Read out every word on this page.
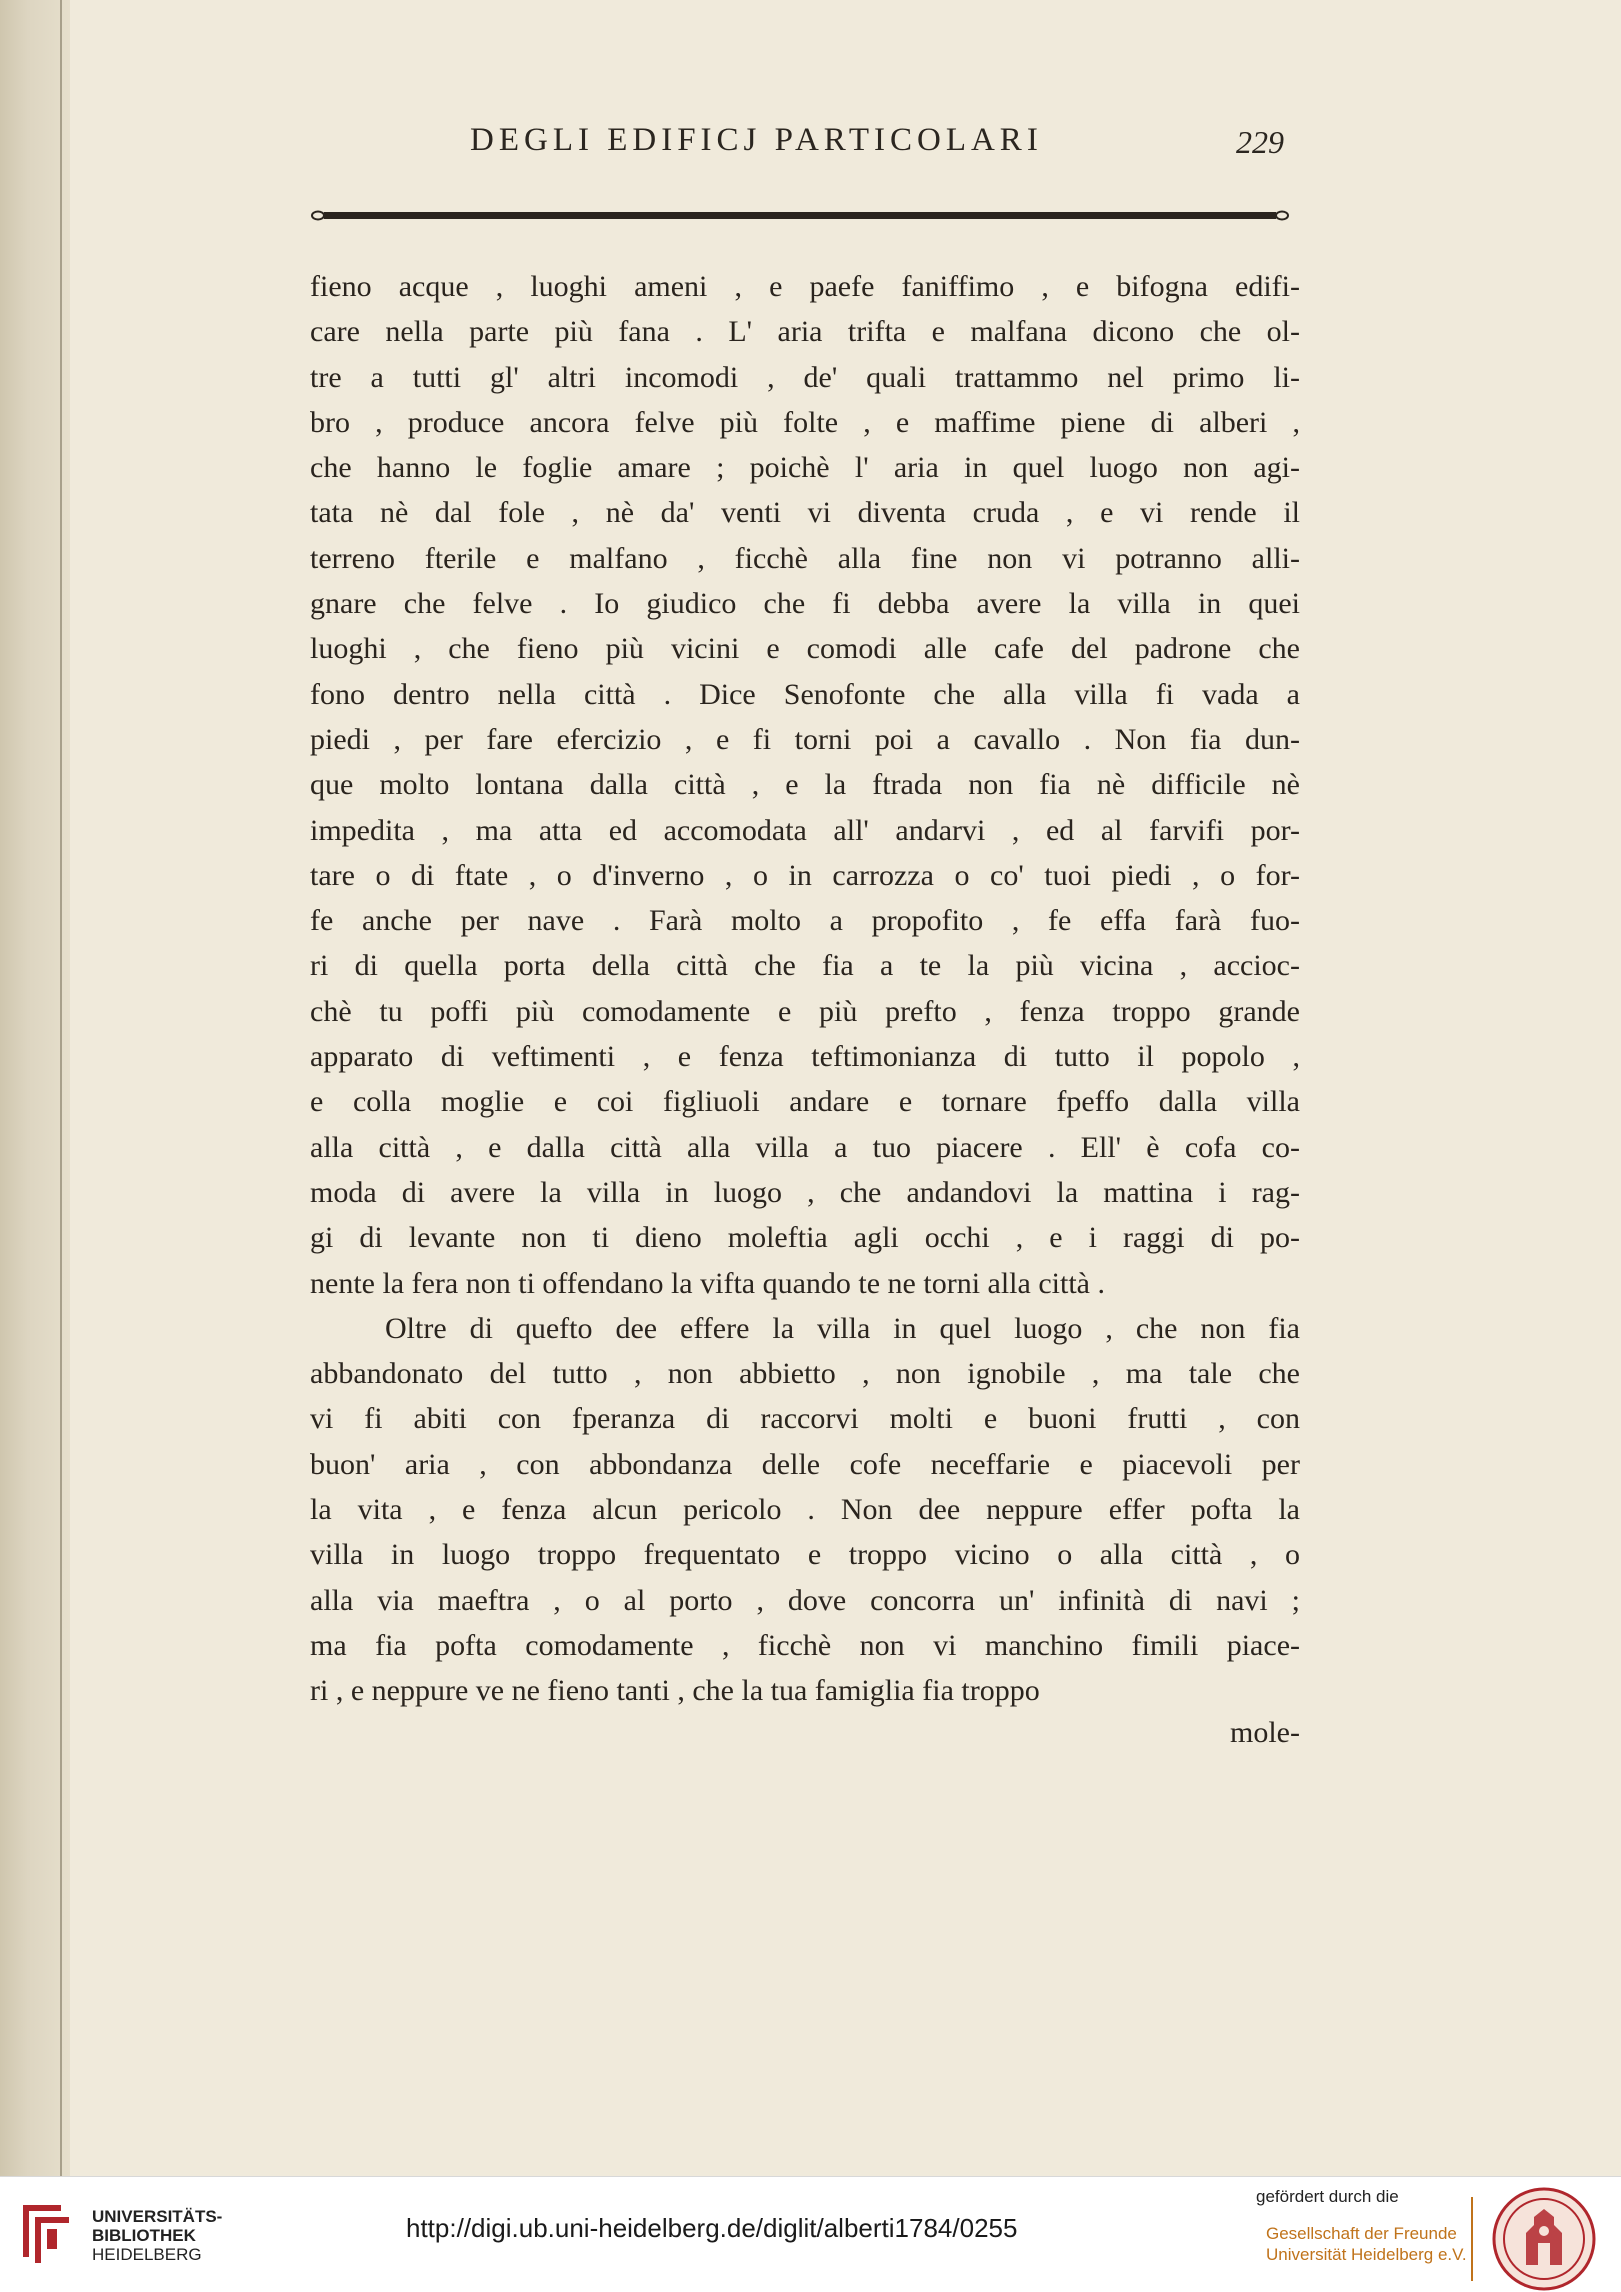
DEGLI EDIFICJ PARTICOLARI	229
fieno acque , luoghi ameni , e paefe faniffimo , e bifogna edifi-
care nella parte più fana . L' aria trifta e malfana dicono che ol-
tre a tutti gl' altri incomodi , de' quali trattammo nel primo li-
bro , produce ancora felve più folte , e maffime piene di alberi ,
che hanno le foglie amare ; poichè l' aria in quel luogo non agi-
tata nè dal fole , nè da' venti vi diventa cruda , e vi rende il
terreno fterile e malfano , ficchè alla fine non vi potranno alli-
gnare che felve . Io giudico che fi debba avere la villa in quei
luoghi , che fieno più vicini e comodi alle cafe del padrone che
fono dentro nella città . Dice Senofonte che alla villa fi vada a
piedi , per fare efercizio , e fi torni poi a cavallo . Non fia dun-
que molto lontana dalla città , e la ftrada non fia nè difficile nè
impedita , ma atta ed accomodata all' andarvi , ed al farvifi por-
tare o di ftate , o d'inverno , o in carrozza o co' tuoi piedi , o for-
fe anche per nave . Farà molto a propofito , fe effa farà fuo-
ri di quella porta della città che fia a te la più vicina , accioc-
chè tu poffi più comodamente e più prefto , fenza troppo grande
apparato di veftimenti , e fenza teftimonianza di tutto il popolo ,
e colla moglie e coi figliuoli andare e tornare fpeffo dalla villa
alla città , e dalla città alla villa a tuo piacere . Ell' è cofa co-
moda di avere la villa in luogo , che andandovi la mattina i rag-
gi di levante non ti dieno moleftia agli occhi , e i raggi di po-
nente la fera non ti offendano la vifta quando te ne torni alla città .
Oltre di quefto dee effere la villa in quel luogo , che non fia
abbandonato del tutto , non abbietto , non ignobile , ma tale che
vi fi abiti con fperanza di raccorvi molti e buoni frutti , con
buon' aria , con abbondanza delle cofe neceffarie e piacevoli per
la vita , e fenza alcun pericolo . Non dee neppure effer pofta la
villa in luogo troppo frequentato e troppo vicino o alla città , o
alla via maeftra , o al porto , dove concorra un' infinità di navi ;
ma fia pofta comodamente , ficchè non vi manchino fimili piace-
ri , e neppure ve ne fieno tanti , che la tua famiglia fia troppo
mole-
UNIVERSITÄTS-
BIBLIOTHEK
HEIDELBERG
http://digi.ub.uni-heidelberg.de/diglit/alberti1784/0255
gefördert durch die
Gesellschaft der Freunde
Universität Heidelberg e.V.
